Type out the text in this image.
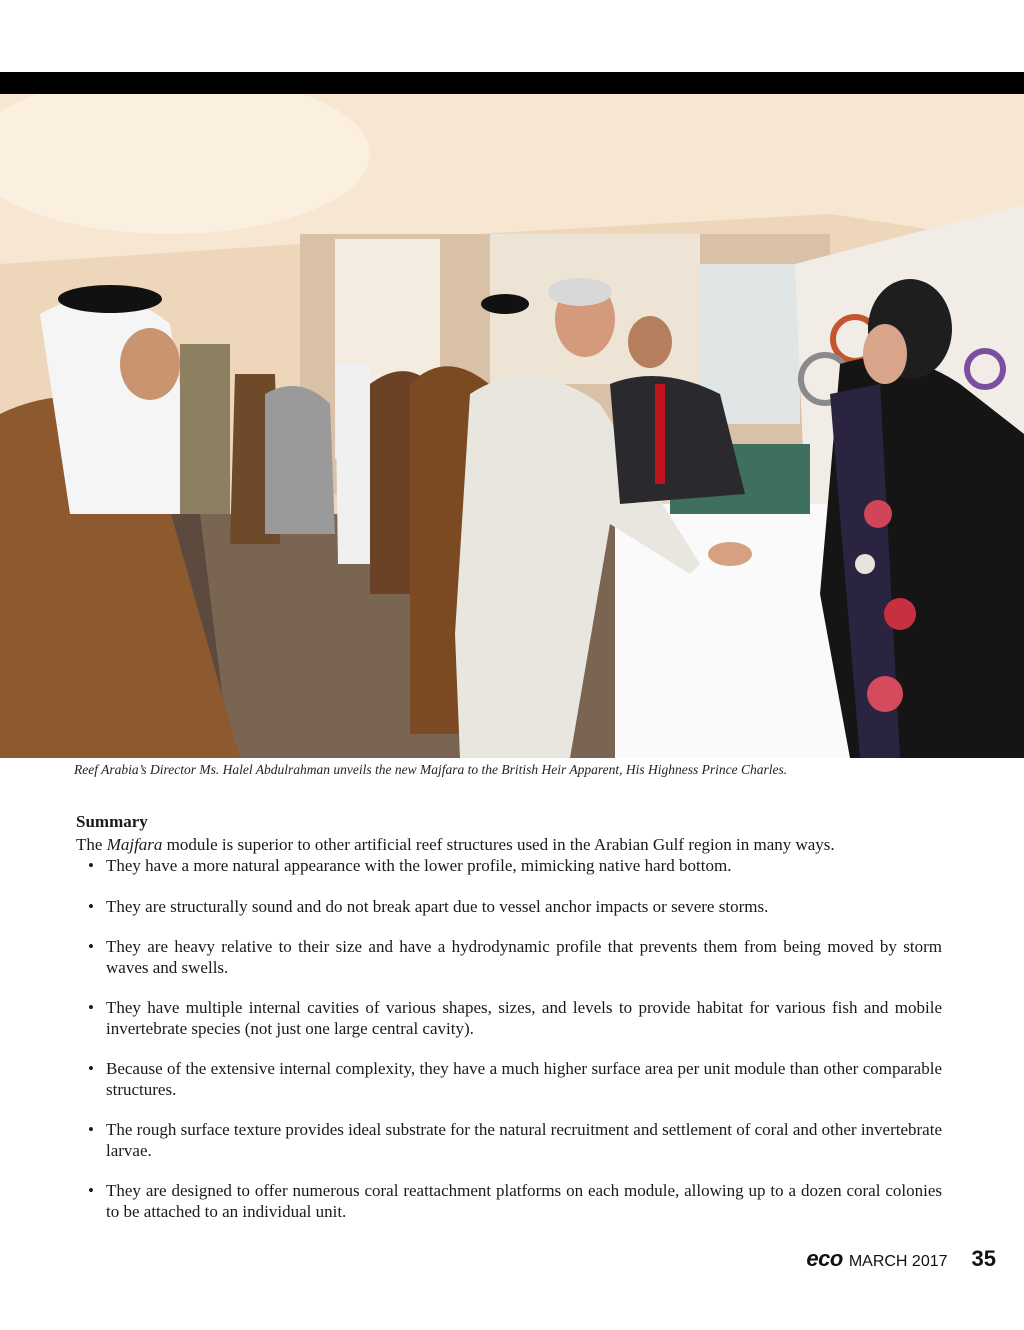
Reef Arabia’s Director Ms. Halel Abdulrahman unveils the new Majfara to the British Heir Apparent, His Highness Prince Charles.
Summary

The Majfara module is superior to other artificial reef structures used in the Arabian Gulf region in many ways.

• They have a more natural appearance with the lower profile, mimicking native hard bottom.
• They are structurally sound and do not break apart due to vessel anchor impacts or severe storms.
• They are heavy relative to their size and have a hydrodynamic profile that prevents them from being moved by storm waves and swells.
• They have multiple internal cavities of various shapes, sizes, and levels to provide habitat for various fish and mobile invertebrate species (not just one large central cavity).
• Because of the extensive internal complexity, they have a much higher surface area per unit module than other comparable structures.
• The rough surface texture provides ideal substrate for the natural recruitment and settlement of coral and other invertebrate larvae.
• They are designed to offer numerous coral reattachment platforms on each module, allowing up to a dozen coral colonies to be attached to an individual unit.
eco MARCH 2017 35
